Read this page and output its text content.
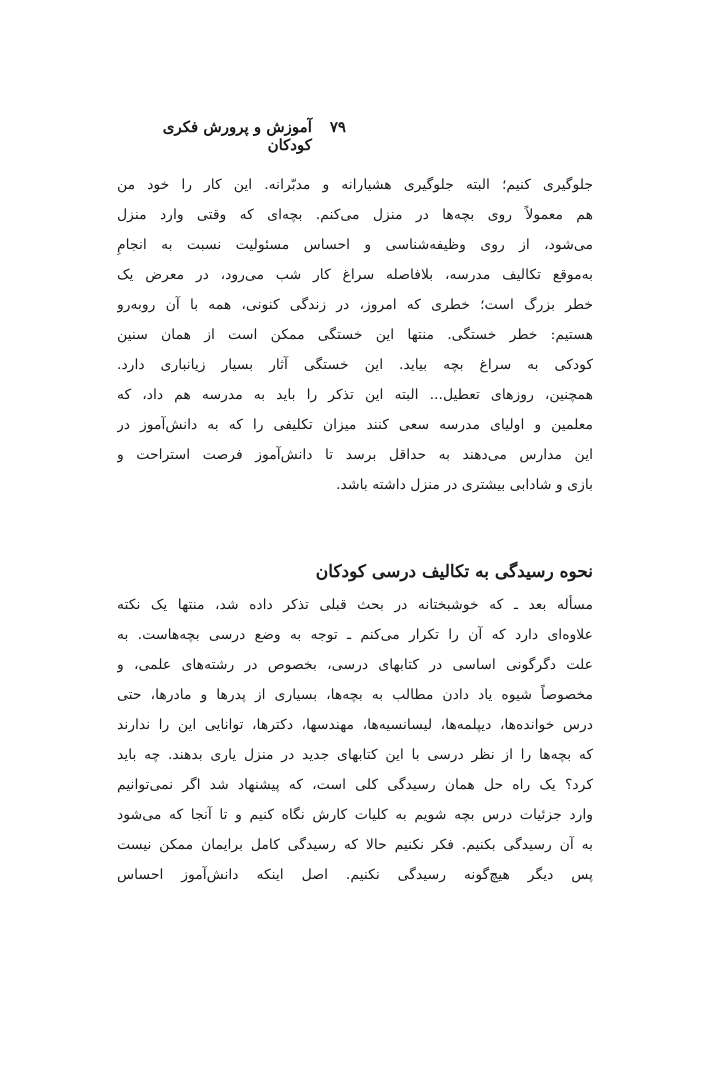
۷۹
آموزش و پرورش فکری کودکان
جلوگیری کنیم؛ البته جلوگیری هشیارانه و مدبّرانه. این کار را خود من
هم معمولاً روی بچه‌ها در منزل می‌کنم. بچه‌ای که وقتی وارد منزل
می‌شود، از روی وظیفه‌شناسی و احساس مسئولیت نسبت به انجامِ
به‌موقع تکالیف مدرسه، بلافاصله سراغ کار شب می‌رود، در معرض یک
خطر بزرگ است؛ خطری که امروز، در زندگی کنونی، همه با آن روبه‌رو
هستیم: خطر خستگی. منتها این خستگی ممکن است از همان سنین
کودکی به سراغ بچه بیاید. این خستگی آثار بسیار زیانباری دارد.
همچنین، روزهای تعطیل... البته این تذکر را باید به مدرسه هم داد، که
معلمین و اولیای مدرسه سعی کنند میزان تکلیفی را که به دانش‌آموز در
این مدارس می‌دهند به حداقل برسد تا دانش‌آموز فرصت استراحت و
بازی و شادابی بیشتری در منزل داشته باشد.
نحوه رسیدگی به تکالیف درسی کودکان
مسأله بعد ـ که خوشبختانه در بحث قبلی تذکر داده شد، منتها یک نکته
علاوه‌ای دارد که آن را تکرار می‌کنم ـ توجه به وضع درسی بچه‌هاست. به
علت دگرگونی اساسی در کتابهای درسی، بخصوص در رشته‌های علمی، و
مخصوصاً شیوه یاد دادن مطالب به بچه‌ها، بسیاری از پدرها و مادرها، حتی
درس خوانده‌ها، دیپلمه‌ها، لیسانسیه‌ها، مهندسها، دکترها، توانایی این را ندارند
که بچه‌ها را از نظر درسی با این کتابهای جدید در منزل یاری بدهند. چه باید
کرد؟ یک راه حل همان رسیدگی کلی است، که پیشنهاد شد اگر نمی‌توانیم
وارد جزئیات درس بچه شویم به کلیات کارش نگاه کنیم و تا آنجا که می‌شود
به آن رسیدگی بکنیم. فکر نکنیم حالا که رسیدگی کامل برایمان ممکن نیست
پس دیگر هیچ‌گونه رسیدگی نکنیم. اصل اینکه دانش‌آموز احساس
